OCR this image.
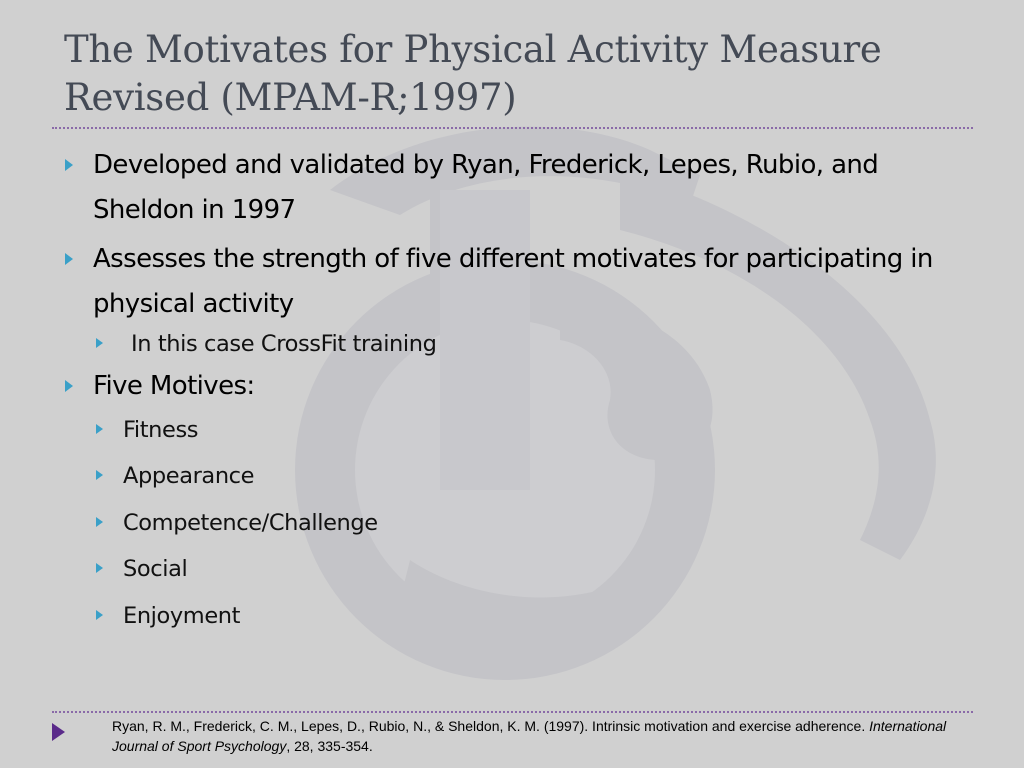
The Motivates for Physical Activity Measure Revised (MPAM-R;1997)
Developed and validated by Ryan, Frederick, Lepes, Rubio, and Sheldon in 1997
Assesses the strength of five different motivates for participating in physical activity
In this case CrossFit training
Five Motives:
Fitness
Appearance
Competence/Challenge
Social
Enjoyment

Ryan, R. M., Frederick, C. M., Lepes, D., Rubio, N., & Sheldon, K. M. (1997). Intrinsic motivation and exercise adherence. International Journal of Sport Psychology, 28, 335-354.
